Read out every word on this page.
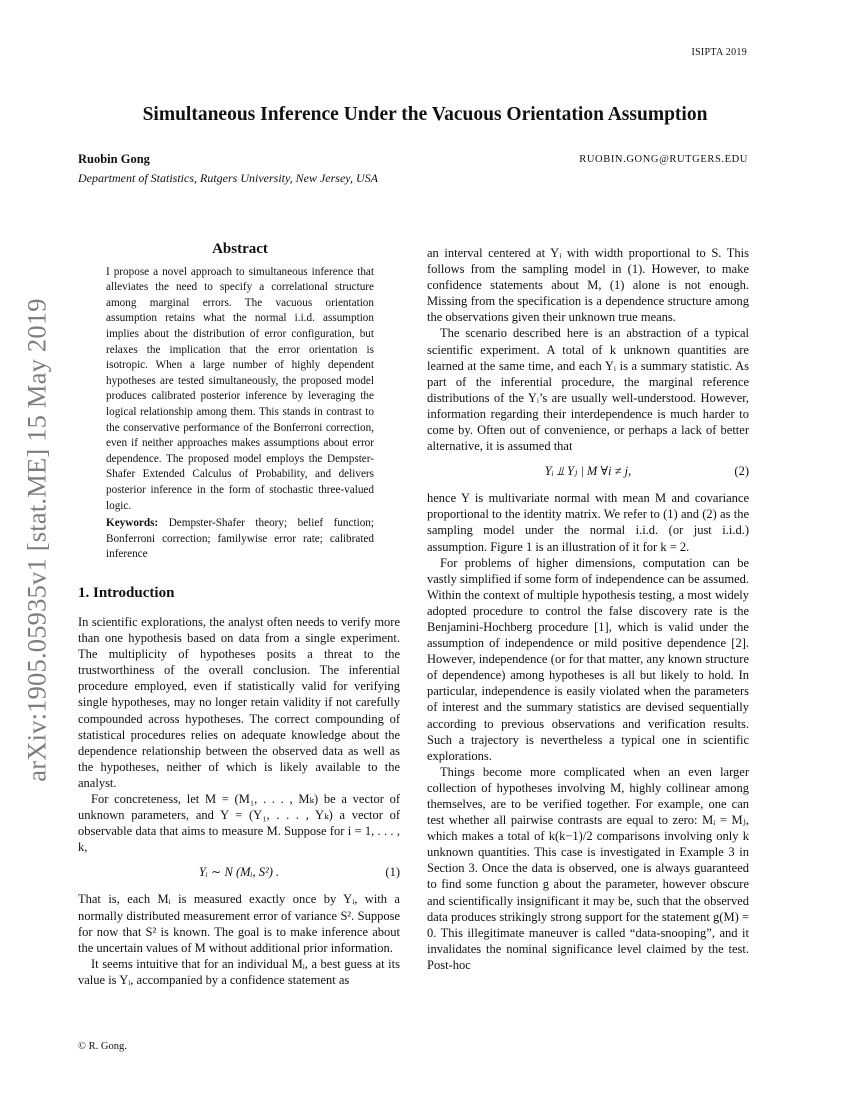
ISIPTA 2019
arXiv:1905.05935v1 [stat.ME] 15 May 2019
Simultaneous Inference Under the Vacuous Orientation Assumption
Ruobin Gong	RUOBIN.GONG@RUTGERS.EDU
Department of Statistics, Rutgers University, New Jersey, USA
Abstract

I propose a novel approach to simultaneous inference that alleviates the need to specify a correlational structure among marginal errors. The vacuous orientation assumption retains what the normal i.i.d. assumption implies about the distribution of error configuration, but relaxes the implication that the error orientation is isotropic. When a large number of highly dependent hypotheses are tested simultaneously, the proposed model produces calibrated posterior inference by leveraging the logical relationship among them. This stands in contrast to the conservative performance of the Bonferroni correction, even if neither approaches makes assumptions about error dependence. The proposed model employs the Dempster-Shafer Extended Calculus of Probability, and delivers posterior inference in the form of stochastic three-valued logic.

Keywords: Dempster-Shafer theory; belief function; Bonferroni correction; familywise error rate; calibrated inference

1. Introduction

In scientific explorations, the analyst often needs to verify more than one hypothesis based on data from a single experiment. The multiplicity of hypotheses posits a threat to the trustworthiness of the overall conclusion. The inferential procedure employed, even if statistically valid for verifying single hypotheses, may no longer retain validity if not carefully compounded across hypotheses. The correct compounding of statistical procedures relies on adequate knowledge about the dependence relationship between the observed data as well as the hypotheses, neither of which is likely available to the analyst.

For concreteness, let M = (M₁, . . . , Mₖ) be a vector of unknown parameters, and Y = (Y₁, . . . , Yₖ) a vector of observable data that aims to measure M. Suppose for i = 1, . . . , k,

Yᵢ ∼ N (Mᵢ, S²) .	(1)

That is, each Mᵢ is measured exactly once by Yᵢ, with a normally distributed measurement error of variance S². Suppose for now that S² is known. The goal is to make inference about the uncertain values of M without additional prior information.

It seems intuitive that for an individual Mᵢ, a best guess at its value is Yᵢ, accompanied by a confidence statement as

an interval centered at Yᵢ with width proportional to S. This follows from the sampling model in (1). However, to make confidence statements about M, (1) alone is not enough. Missing from the specification is a dependence structure among the observations given their unknown true means.

The scenario described here is an abstraction of a typical scientific experiment. A total of k unknown quantities are learned at the same time, and each Yᵢ is a summary statistic. As part of the inferential procedure, the marginal reference distributions of the Yᵢ’s are usually well-understood. However, information regarding their interdependence is much harder to come by. Often out of convenience, or perhaps a lack of better alternative, it is assumed that

Yᵢ ⫫ Yⱼ | M ∀i ≠ j,	(2)

hence Y is multivariate normal with mean M and covariance proportional to the identity matrix. We refer to (1) and (2) as the sampling model under the normal i.i.d. (or just i.i.d.) assumption. Figure 1 is an illustration of it for k = 2.

For problems of higher dimensions, computation can be vastly simplified if some form of independence can be assumed. Within the context of multiple hypothesis testing, a most widely adopted procedure to control the false discovery rate is the Benjamini-Hochberg procedure [1], which is valid under the assumption of independence or mild positive dependence [2]. However, independence (or for that matter, any known structure of dependence) among hypotheses is all but likely to hold. In particular, independence is easily violated when the parameters of interest and the summary statistics are devised sequentially according to previous observations and verification results. Such a trajectory is nevertheless a typical one in scientific explorations.

Things become more complicated when an even larger collection of hypotheses involving M, highly collinear among themselves, are to be verified together. For example, one can test whether all pairwise contrasts are equal to zero: Mᵢ = Mⱼ, which makes a total of k(k−1)/2 comparisons involving only k unknown quantities. This case is investigated in Example 3 in Section 3. Once the data is observed, one is always guaranteed to find some function g about the parameter, however obscure and scientifically insignificant it may be, such that the observed data produces strikingly strong support for the statement g(M) = 0. This illegitimate maneuver is called “data-snooping”, and it invalidates the nominal significance level claimed by the test. Post-hoc

© R. Gong.
